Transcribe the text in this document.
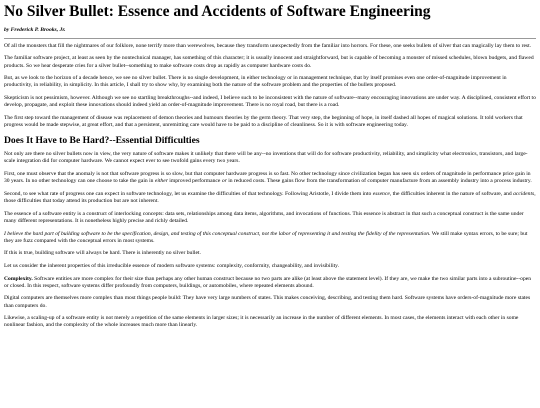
No Silver Bullet: Essence and Accidents of Software Engineering
by Frederick P. Brooks, Jr.

Of all the monsters that fill the nightmares of our folklore, none terrify more than werewolves, because they transform unexpectedly from the familiar into horrors. For these, one seeks bullets of silver that can magically lay them to rest.

The familiar software project, at least as seen by the nontechnical manager, has something of this character; it is usually innocent and straightforward, but is capable of becoming a monster of missed schedules, blown budgets, and flawed products. So we hear desperate cries for a silver bullet--something to make software costs drop as rapidly as computer hardware costs do.

But, as we look to the horizon of a decade hence, we see no silver bullet. There is no single development, in either technology or in management technique, that by itself promises even one order-of-magnitude improvement in productivity, in reliability, in simplicity. In this article, I shall try to show why, by examining both the nature of the software problem and the properties of the bullets proposed.

Skepticism is not pessimism, however. Although we see no startling breakthroughs--and indeed, I believe such to be inconsistent with the nature of software--many encouraging innovations are under way. A disciplined, consistent effort to develop, propagate, and exploit these innovations should indeed yield an order-of-magnitude improvement. There is no royal road, but there is a road.

The first step toward the management of disease was replacement of demon theories and humours theories by the germ theory. That very step, the beginning of hope, in itself dashed all hopes of magical solutions. It told workers that progress would be made stepwise, at great effort, and that a persistent, unremitting care would have to be paid to a discipline of cleanliness. So it is with software engineering today.

Does It Have to Be Hard?--Essential Difficulties

Not only are there no silver bullets now in view, the very nature of software makes it unlikely that there will be any--no inventions that will do for software productivity, reliability, and simplicity what electronics, transistors, and large-scale integration did for computer hardware. We cannot expect ever to see twofold gains every two years.

First, one must observe that the anomaly is not that software progress is so slow, but that computer hardware progress is so fast. No other technology since civilization began has seen six orders of magnitude in performance price gain in 30 years. In no other technology can one choose to take the gain in either improved performance or in reduced costs. These gains flow from the transformation of computer manufacture from an assembly industry into a process industry.

Second, to see what rate of progress one can expect in software technology, let us examine the difficulties of that technology. Following Aristotle, I divide them into essence, the difficulties inherent in the nature of software, and accidents, those difficulties that today attend its production but are not inherent.

The essence of a software entity is a construct of interlocking concepts: data sets, relationships among data items, algorithms, and invocations of functions. This essence is abstract in that such a conceptual construct is the same under many different representations. It is nonetheless highly precise and richly detailed.

I believe the hard part of building software to be the specification, design, and testing of this conceptual construct, not the labor of representing it and testing the fidelity of the representation. We still make syntax errors, to be sure; but they are fuzz compared with the conceptual errors in most systems.

If this is true, building software will always be hard. There is inherently no silver bullet.

Let us consider the inherent properties of this irreducible essence of modern software systems: complexity, conformity, changeability, and invisibility.

Complexity. Software entities are more complex for their size than perhaps any other human construct because no two parts are alike (at least above the statement level). If they are, we make the two similar parts into a subroutine--open or closed. In this respect, software systems differ profoundly from computers, buildings, or automobiles, where repeated elements abound.

Digital computers are themselves more complex than most things people build: They have very large numbers of states. This makes conceiving, describing, and testing them hard. Software systems have orders-of-magnitude more states than computers do.

Likewise, a scaling-up of a software entity is not merely a repetition of the same elements in larger sizes; it is necessarily an increase in the number of different elements. In most cases, the elements interact with each other in some nonlinear fashion, and the complexity of the whole increases much more than linearly.
